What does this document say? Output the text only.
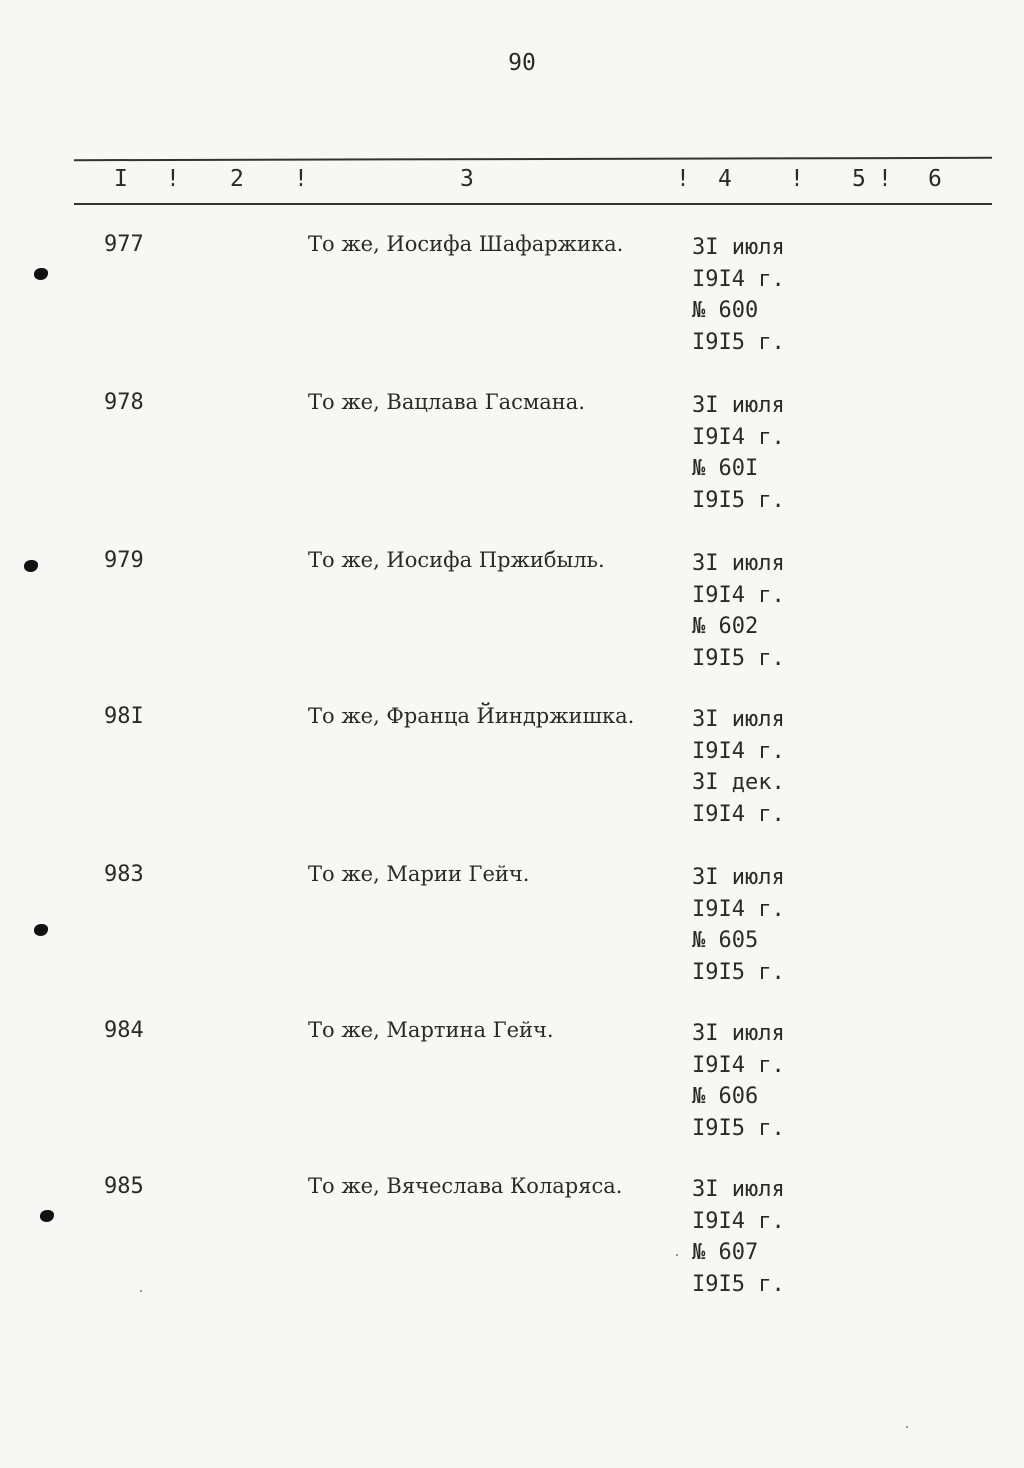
90
I ! 2 !	3	! 4	! 5 ! 6
977	То же, Иосифа Шафаржика.	3I июля
I9I4 г.
№ 600
I9I5 г.
978	То же, Вацлава Гасмана.	3I июля
I9I4 г.
№ 60I
I9I5 г.
979	То же, Иосифа Пржибыль.	3I июля
I9I4 г.
№ 602
I9I5 г.
98I	То же, Франца Йиндржишка.	3I июля
I9I4 г.
3I дек.
I9I4 г.
983	То же, Марии Гейч.	3I июля
I9I4 г.
№ 605
I9I5 г.
984	То же, Мартина Гейч.	3I июля
I9I4 г.
№ 606
I9I5 г.
985	То же, Вячеслава Коларяса.	3I июля
I9I4 г.
№ 607
I9I5 г.
